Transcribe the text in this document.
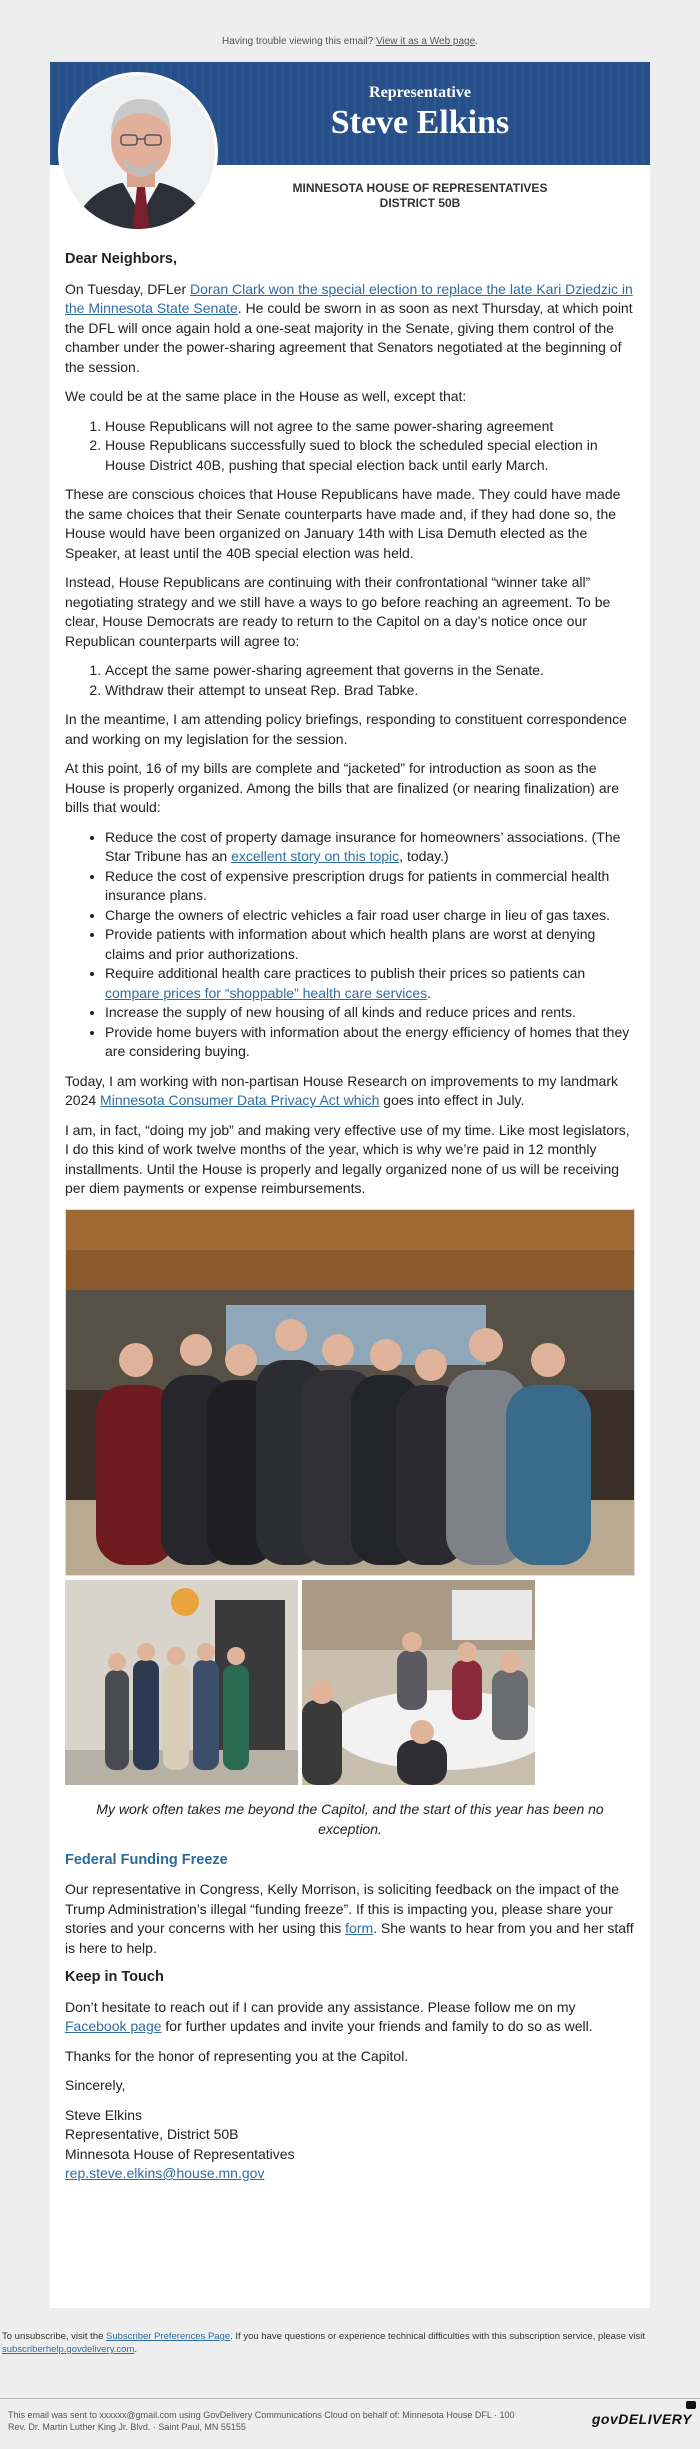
Having trouble viewing this email? View it as a Web page.
Representative
Steve Elkins
MINNESOTA HOUSE OF REPRESENTATIVES
DISTRICT 50B
Dear Neighbors,

On Tuesday, DFLer Doran Clark won the special election to replace the late Kari Dziedzic in the Minnesota State Senate. He could be sworn in as soon as next Thursday, at which point the DFL will once again hold a one-seat majority in the Senate, giving them control of the chamber under the power-sharing agreement that Senators negotiated at the beginning of the session.

We could be at the same place in the House as well, except that:

1. House Republicans will not agree to the same power-sharing agreement
2. House Republicans successfully sued to block the scheduled special election in House District 40B, pushing that special election back until early March.

These are conscious choices that House Republicans have made. They could have made the same choices that their Senate counterparts have made and, if they had done so, the House would have been organized on January 14th with Lisa Demuth elected as the Speaker, at least until the 40B special election was held.

Instead, House Republicans are continuing with their confrontational “winner take all” negotiating strategy and we still have a ways to go before reaching an agreement. To be clear, House Democrats are ready to return to the Capitol on a day’s notice once our Republican counterparts will agree to:

1. Accept the same power-sharing agreement that governs in the Senate.
2. Withdraw their attempt to unseat Rep. Brad Tabke.

In the meantime, I am attending policy briefings, responding to constituent correspondence and working on my legislation for the session.

At this point, 16 of my bills are complete and “jacketed” for introduction as soon as the House is properly organized. Among the bills that are finalized (or nearing finalization) are bills that would:

• Reduce the cost of property damage insurance for homeowners’ associations. (The Star Tribune has an excellent story on this topic, today.)
• Reduce the cost of expensive prescription drugs for patients in commercial health insurance plans.
• Charge the owners of electric vehicles a fair road user charge in lieu of gas taxes.
• Provide patients with information about which health plans are worst at denying claims and prior authorizations.
• Require additional health care practices to publish their prices so patients can compare prices for “shoppable” health care services.
• Increase the supply of new housing of all kinds and reduce prices and rents.
• Provide home buyers with information about the energy efficiency of homes that they are considering buying.

Today, I am working with non-partisan House Research on improvements to my landmark 2024 Minnesota Consumer Data Privacy Act which goes into effect in July.

I am, in fact, “doing my job” and making very effective use of my time. Like most legislators, I do this kind of work twelve months of the year, which is why we’re paid in 12 monthly installments. Until the House is properly and legally organized none of us will be receiving per diem payments or expense reimbursements.

My work often takes me beyond the Capitol, and the start of this year has been no exception.
Federal Funding Freeze

Our representative in Congress, Kelly Morrison, is soliciting feedback on the impact of the Trump Administration’s illegal “funding freeze”. If this is impacting you, please share your stories and your concerns with her using this form. She wants to hear from you and her staff is here to help.

Keep in Touch

Don’t hesitate to reach out if I can provide any assistance. Please follow me on my Facebook page for further updates and invite your friends and family to do so as well.

Thanks for the honor of representing you at the Capitol.

Sincerely,

Steve Elkins
Representative, District 50B
Minnesota House of Representatives
rep.steve.elkins@house.mn.gov
To unsubscribe, visit the Subscriber Preferences Page. If you have questions or experience technical difficulties with this subscription service, please visit subscriberhelp.govdelivery.com.
This email was sent to xxxxxx@gmail.com using GovDelivery Communications Cloud on behalf of: Minnesota House DFL · 100
Rev. Dr. Martin Luther King Jr. Blvd. · Saint Paul, MN 55155	govDELIVERY
